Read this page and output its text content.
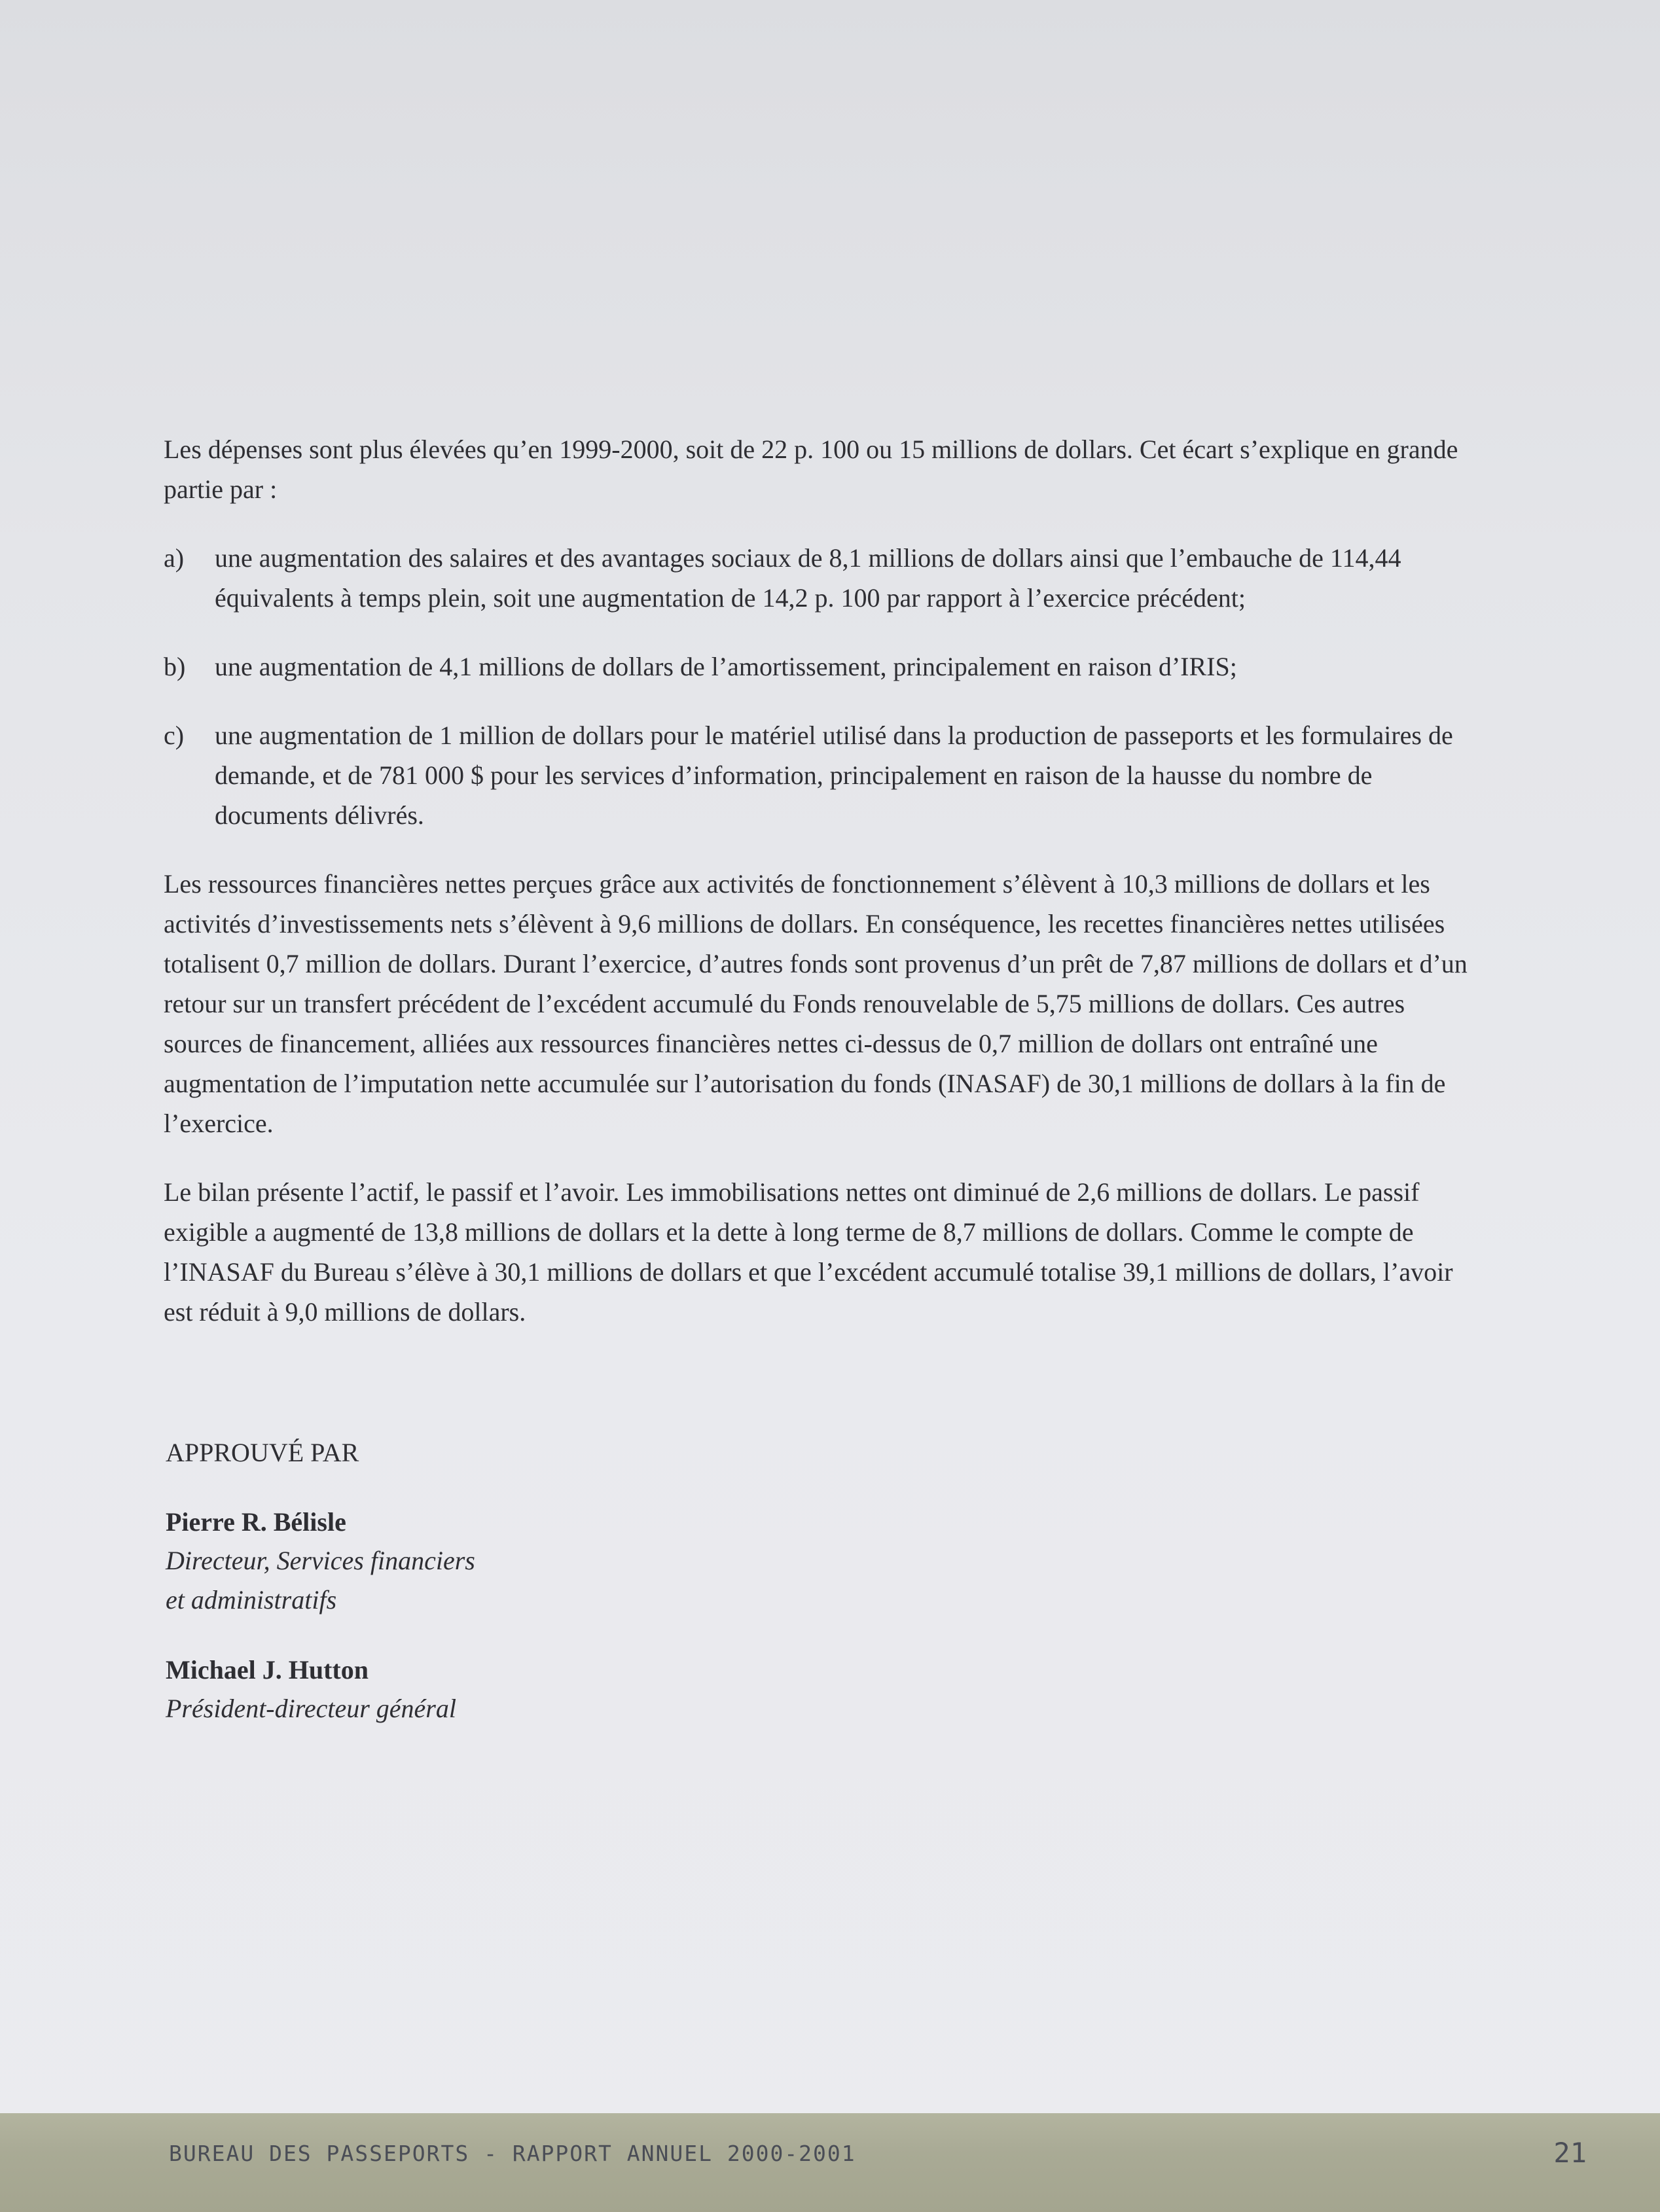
Les dépenses sont plus élevées qu’en 1999-2000, soit de 22 p. 100 ou 15 millions de dollars. Cet écart s’explique en grande partie par :

a)	une augmentation des salaires et des avantages sociaux de 8,1 millions de dollars ainsi que l’embauche de 114,44 équivalents à temps plein, soit une augmentation de 14,2 p. 100 par rapport à l’exercice précédent;
b)	une augmentation de 4,1 millions de dollars de l’amortissement, principalement en raison d’IRIS;
c)	une augmentation de 1 million de dollars pour le matériel utilisé dans la production de passeports et les formulaires de demande, et de 781 000 $ pour les services d’information, principalement en raison de la hausse du nombre de documents délivrés.

Les ressources financières nettes perçues grâce aux activités de fonctionnement s’élèvent à 10,3 millions de dollars et les activités d’investissements nets s’élèvent à 9,6 millions de dollars. En conséquence, les recettes financières nettes utilisées totalisent 0,7 million de dollars. Durant l’exercice, d’autres fonds sont provenus d’un prêt de 7,87 millions de dollars et d’un retour sur un transfert précédent de l’excédent accumulé du Fonds renouvelable de 5,75 millions de dollars. Ces autres sources de financement, alliées aux ressources financières nettes ci-dessus de 0,7 million de dollars ont entraîné une augmentation de l’imputation nette accumulée sur l’autorisation du fonds (INASAF) de 30,1 millions de dollars à la fin de l’exercice.

Le bilan présente l’actif, le passif et l’avoir. Les immobilisations nettes ont diminué de 2,6 millions de dollars. Le passif exigible a augmenté de 13,8 millions de dollars et la dette à long terme de 8,7 millions de dollars. Comme le compte de l’INASAF du Bureau s’élève à 30,1 millions de dollars et que l’excédent accumulé totalise 39,1 millions de dollars, l’avoir est réduit à 9,0 millions de dollars.

APPROUVÉ PAR
Pierre R. Bélisle
Directeur, Services financiers
et administratifs
Michael J. Hutton
Président-directeur général
BUREAU DES PASSEPORTS - RAPPORT ANNUEL 2000-2001	21
